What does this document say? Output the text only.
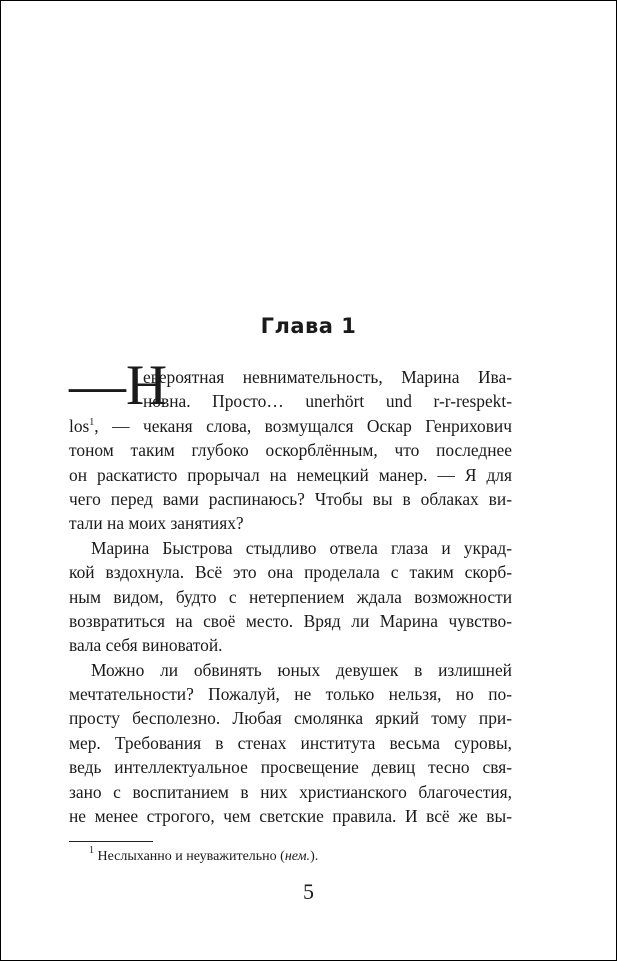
Глава 1
—Н
евероятная невнимательность, Марина Ива-
новна. Просто… unerhört und r-r-respekt-
los$^1$, — чеканя слова, возмущался Оскар Генрихович
тоном таким глубоко оскорблённым, что последнее
он раскатисто прорычал на немецкий манер. — Я для
чего перед вами распинаюсь? Чтобы вы в облаках ви-
тали на моих занятиях?
Марина Быстрова стыдливо отвела глаза и украд-
кой вздохнула. Всё это она проделала с таким скорб-
ным видом, будто с нетерпением ждала возможности
возвратиться на своё место. Вряд ли Марина чувство-
вала себя виноватой.
Можно ли обвинять юных девушек в излишней
мечтательности? Пожалуй, не только нельзя, но по-
просту бесполезно. Любая смолянка яркий тому при-
мер. Требования в стенах института весьма суровы,
ведь интеллектуальное просвещение девиц тесно свя-
зано с воспитанием в них христианского благочестия,
не менее строгого, чем светские правила. И всё же вы-
$^1$ Неслыханно и неуважительно (нем.).
5
